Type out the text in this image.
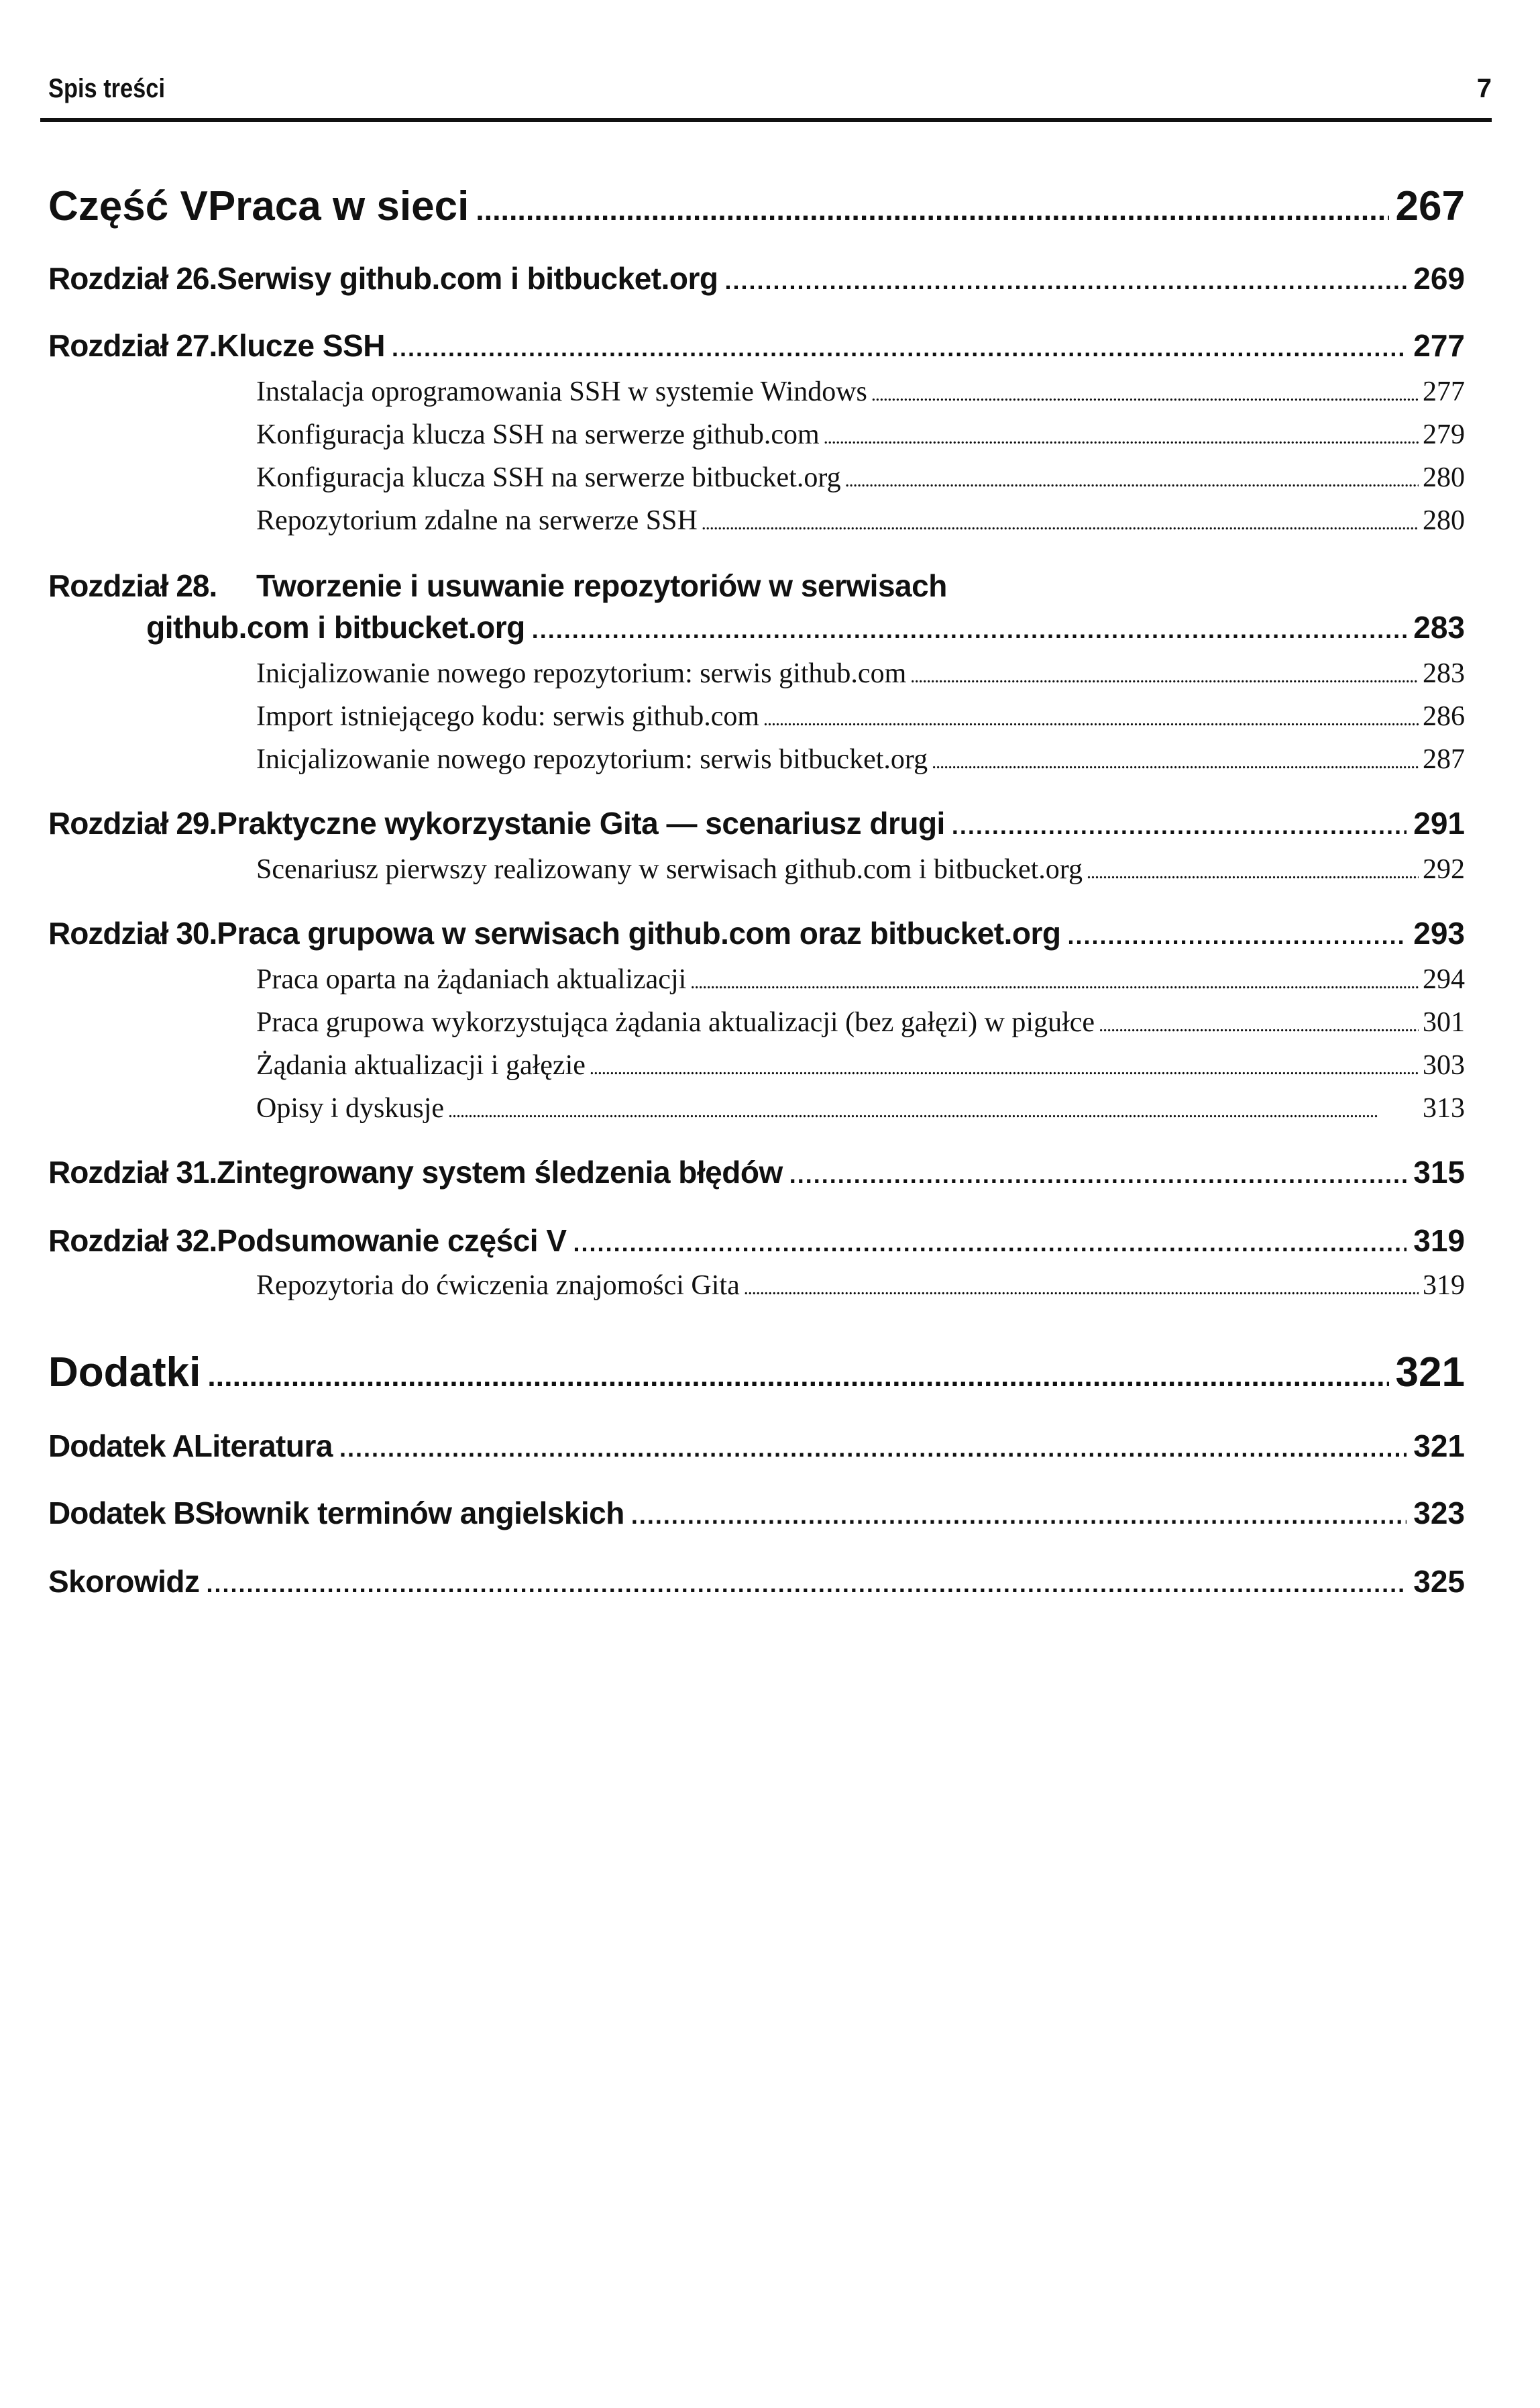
Spis treści	7
Część V Praca w sieci . . .	267
Rozdział 26. Serwisy github.com i bitbucket.org . . .	269
Rozdział 27. Klucze SSH . . .	277
Instalacja oprogramowania SSH w systemie Windows . . .	277
Konfiguracja klucza SSH na serwerze github.com . . .	279
Konfiguracja klucza SSH na serwerze bitbucket.org . . .	280
Repozytorium zdalne na serwerze SSH . . .	280
Rozdział 28.	Tworzenie i usuwanie repozytoriów w serwisach
github.com i bitbucket.org . . .	283
Inicjalizowanie nowego repozytorium: serwis github.com . . .	283
Import istniejącego kodu: serwis github.com . . .	286
Inicjalizowanie nowego repozytorium: serwis bitbucket.org . . .	287
Rozdział 29. Praktyczne wykorzystanie Gita — scenariusz drugi . . .	291
Scenariusz pierwszy realizowany w serwisach github.com i bitbucket.org . . .	292
Rozdział 30. Praca grupowa w serwisach github.com oraz bitbucket.org . . .	293
Praca oparta na żądaniach aktualizacji . . .	294
Praca grupowa wykorzystująca żądania aktualizacji (bez gałęzi) w pigułce . . .	301
Żądania aktualizacji i gałęzie . . .	303
Opisy i dyskusje . . .	313
Rozdział 31. Zintegrowany system śledzenia błędów . . .	315
Rozdział 32. Podsumowanie części V . . .	319
Repozytoria do ćwiczenia znajomości Gita . . .	319
Dodatki . . .	321
Dodatek A Literatura . . .	321
Dodatek B Słownik terminów angielskich . . .	323
Skorowidz . . .	325
